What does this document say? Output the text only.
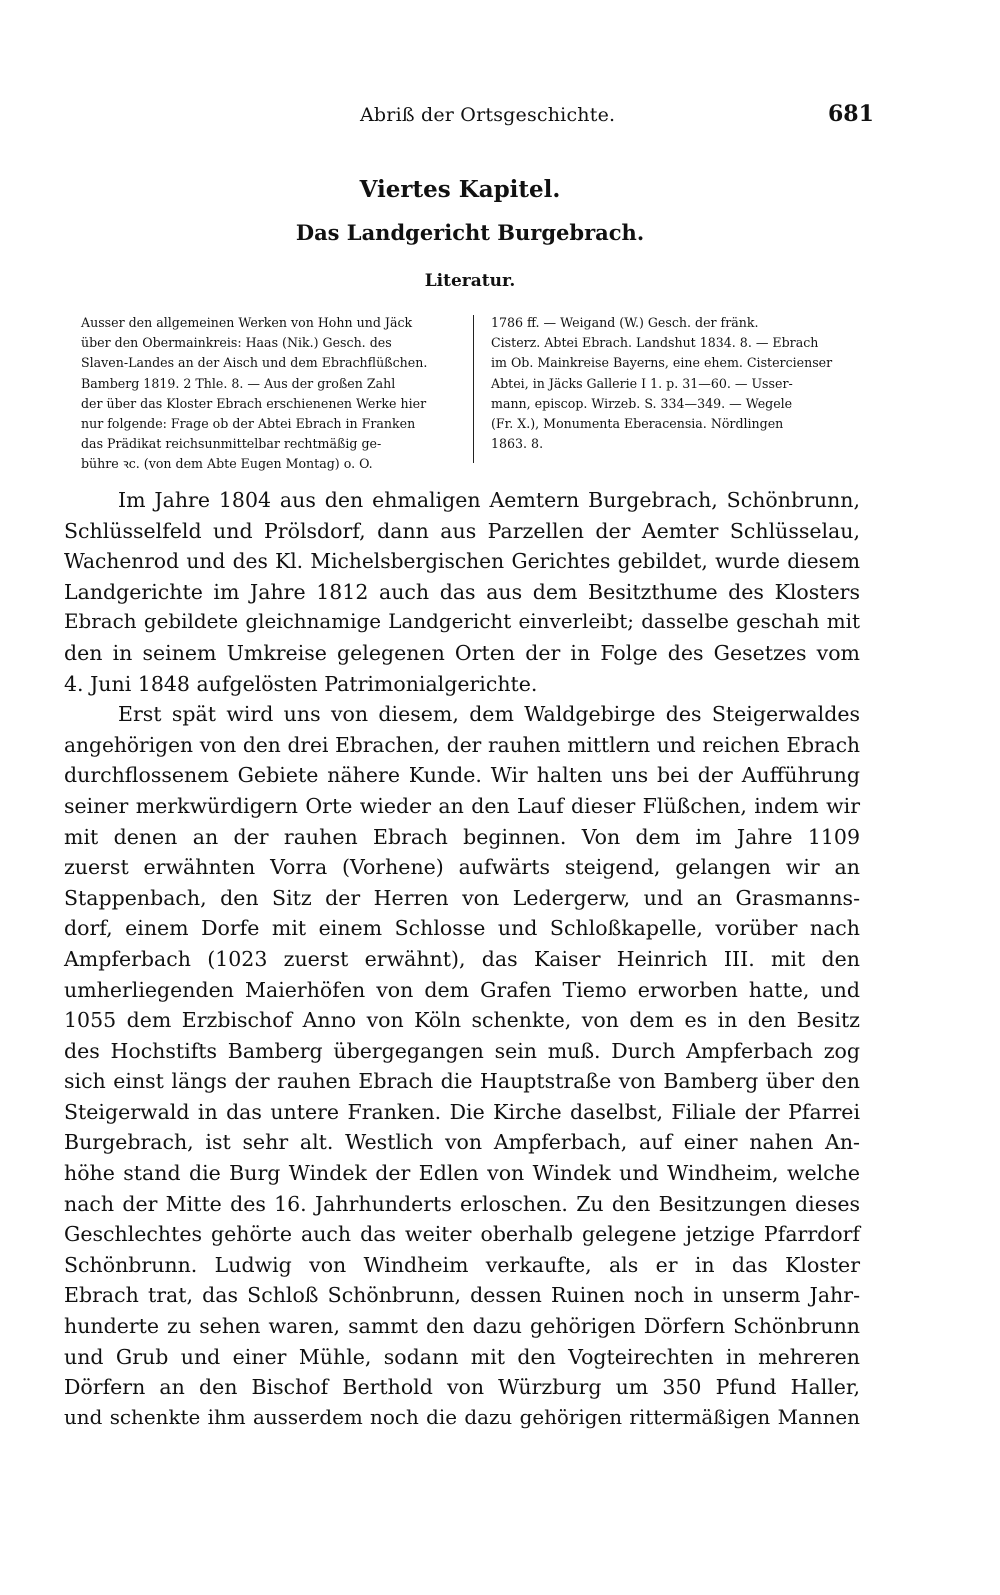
Abriß der Ortsgeschichte.	681
Viertes Kapitel.
Das Landgericht Burgebrach.
Literatur.
Ausser den allgemeinen Werken von Hohn und Jäck
über den Obermainkreis: Haas (Nik.) Gesch. des
Slaven-Landes an der Aisch und dem Ebrachflüßchen.
Bamberg 1819. 2 Thle. 8. — Aus der großen Zahl
der über das Kloster Ebrach erschienenen Werke hier
nur folgende: Frage ob der Abtei Ebrach in Franken
das Prädikat reichsunmittelbar rechtmäßig ge-
bühre ꝛc. (von dem Abte Eugen Montag) o. O.
1786 ff. — Weigand (W.) Gesch. der fränk.
Cisterz. Abtei Ebrach. Landshut 1834. 8. — Ebrach
im Ob. Mainkreise Bayerns, eine ehem. Cistercienser
Abtei, in Jäcks Gallerie I 1. p. 31—60. — Usser-
mann, episcop. Wirzeb. S. 334—349. — Wegele
(Fr. X.), Monumenta Eberacensia. Nördlingen
1863. 8.
Im Jahre 1804 aus den ehmaligen Aemtern Burgebrach, Schönbrunn,
Schlüsselfeld und Prölsdorf, dann aus Parzellen der Aemter Schlüsselau,
Wachenrod und des Kl. Michelsbergischen Gerichtes gebildet, wurde diesem
Landgerichte im Jahre 1812 auch das aus dem Besitzthume des Klosters
Ebrach gebildete gleichnamige Landgericht einverleibt; dasselbe geschah mit
den in seinem Umkreise gelegenen Orten der in Folge des Gesetzes vom
4. Juni 1848 aufgelösten Patrimonialgerichte.
Erst spät wird uns von diesem, dem Waldgebirge des Steigerwaldes
angehörigen von den drei Ebrachen, der rauhen mittlern und reichen Ebrach
durchflossenem Gebiete nähere Kunde. Wir halten uns bei der Aufführung
seiner merkwürdigern Orte wieder an den Lauf dieser Flüßchen, indem wir
mit denen an der rauhen Ebrach beginnen. Von dem im Jahre 1109
zuerst erwähnten Vorra (Vorhene) aufwärts steigend, gelangen wir an
Stappenbach, den Sitz der Herren von Ledergerw, und an Grasmanns-
dorf, einem Dorfe mit einem Schlosse und Schloßkapelle, vorüber nach
Ampferbach (1023 zuerst erwähnt), das Kaiser Heinrich III. mit den
umherliegenden Maierhöfen von dem Grafen Tiemo erworben hatte, und
1055 dem Erzbischof Anno von Köln schenkte, von dem es in den Besitz
des Hochstifts Bamberg übergegangen sein muß. Durch Ampferbach zog
sich einst längs der rauhen Ebrach die Hauptstraße von Bamberg über den
Steigerwald in das untere Franken. Die Kirche daselbst, Filiale der Pfarrei
Burgebrach, ist sehr alt. Westlich von Ampferbach, auf einer nahen An-
höhe stand die Burg Windek der Edlen von Windek und Windheim, welche
nach der Mitte des 16. Jahrhunderts erloschen. Zu den Besitzungen dieses
Geschlechtes gehörte auch das weiter oberhalb gelegene jetzige Pfarrdorf
Schönbrunn. Ludwig von Windheim verkaufte, als er in das Kloster
Ebrach trat, das Schloß Schönbrunn, dessen Ruinen noch in unserm Jahr-
hunderte zu sehen waren, sammt den dazu gehörigen Dörfern Schönbrunn
und Grub und einer Mühle, sodann mit den Vogteirechten in mehreren
Dörfern an den Bischof Berthold von Würzburg um 350 Pfund Haller,
und schenkte ihm ausserdem noch die dazu gehörigen rittermäßigen Mannen
